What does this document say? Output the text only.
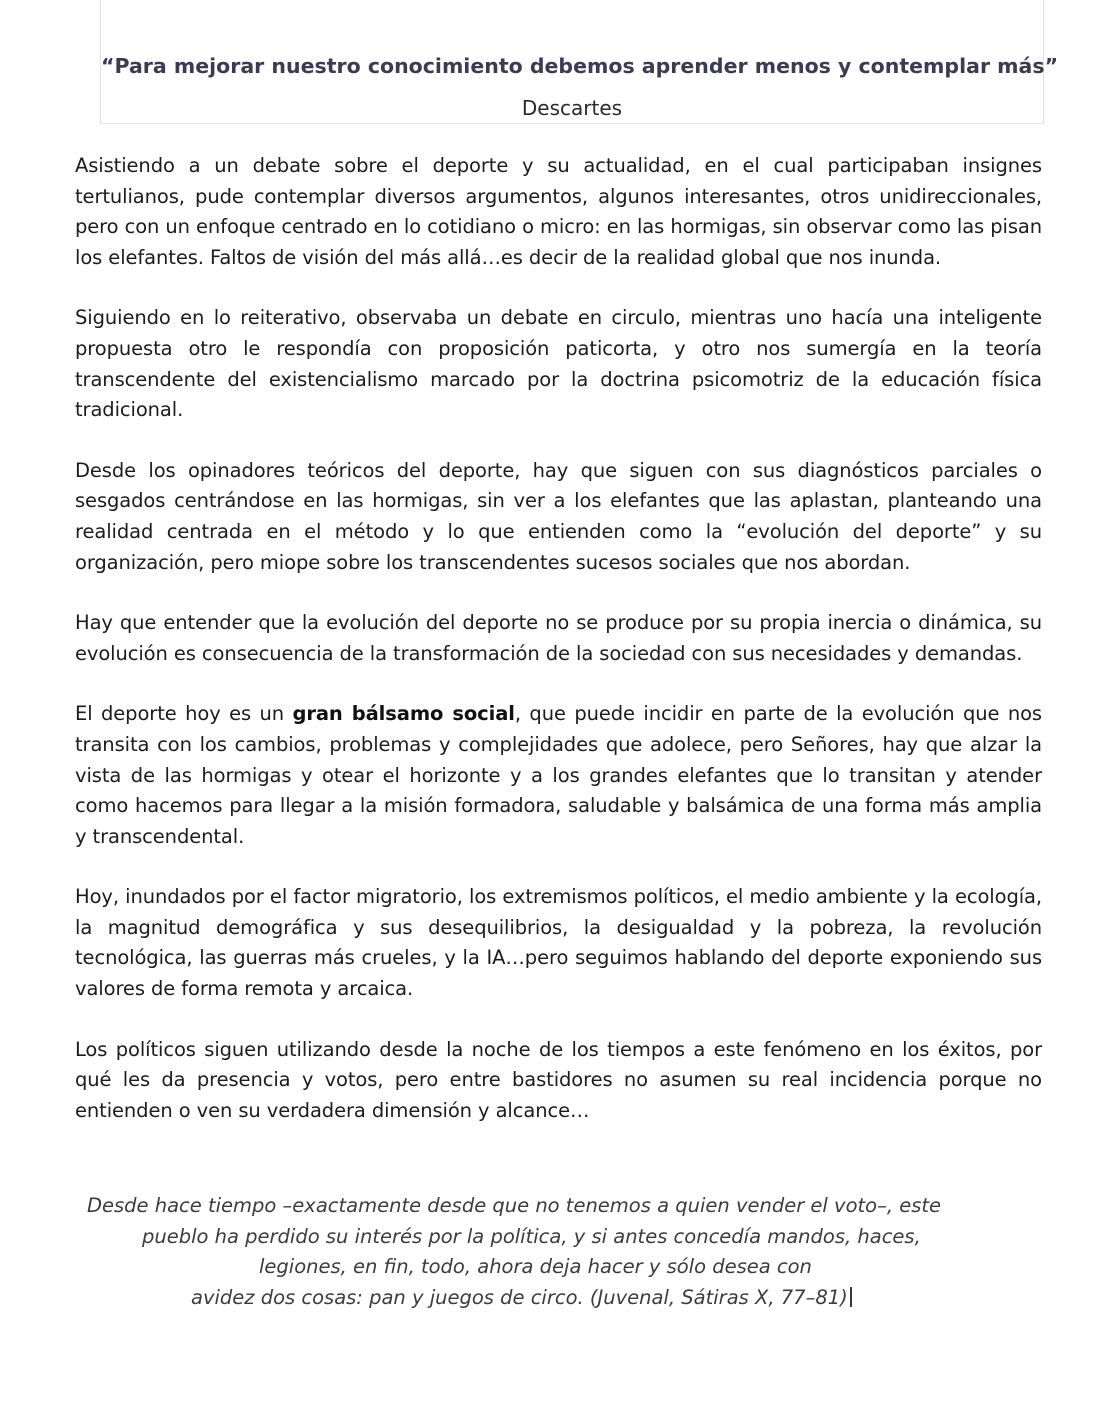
“Para mejorar nuestro conocimiento debemos aprender menos y contemplar más”
Descartes

Asistiendo a un debate sobre el deporte y su actualidad, en el cual participaban insignes tertulianos, pude contemplar diversos argumentos, algunos interesantes, otros unidireccionales, pero con un enfoque centrado en lo cotidiano o micro: en las hormigas, sin observar como las pisan los elefantes. Faltos de visión del más allá…es decir de la realidad global que nos inunda.

Siguiendo en lo reiterativo, observaba un debate en circulo, mientras uno hacía una inteligente propuesta otro le respondía con proposición paticorta, y otro nos sumergía en la teoría transcendente del existencialismo marcado por la doctrina psicomotriz de la educación física tradicional.

Desde los opinadores teóricos del deporte, hay que siguen con sus diagnósticos parciales o sesgados centrándose en las hormigas, sin ver a los elefantes que las aplastan, planteando una realidad centrada en el método y lo que entienden como la “evolución del deporte” y su organización, pero miope sobre los transcendentes sucesos sociales que nos abordan.

Hay que entender que la evolución del deporte no se produce por su propia inercia o dinámica, su evolución es consecuencia de la transformación de la sociedad con sus necesidades y demandas.

El deporte hoy es un gran bálsamo social, que puede incidir en parte de la evolución que nos transita con los cambios, problemas y complejidades que adolece, pero Señores, hay que alzar la vista de las hormigas y otear el horizonte y a los grandes elefantes que lo transitan y atender como hacemos para llegar a la misión formadora, saludable y balsámica de una forma más amplia y transcendental.

Hoy, inundados por el factor migratorio, los extremismos políticos, el medio ambiente y la ecología, la magnitud demográfica y sus desequilibrios, la desigualdad y la pobreza, la revolución tecnológica, las guerras más crueles, y la IA…pero seguimos hablando del deporte exponiendo sus valores de forma remota y arcaica.

Los políticos siguen utilizando desde la noche de los tiempos a este fenómeno en los éxitos, por qué les da presencia y votos, pero entre bastidores no asumen su real incidencia porque no entienden o ven su verdadera dimensión y alcance…

Desde hace tiempo –exactamente desde que no tenemos a quien vender el voto–, este
pueblo ha perdido su interés por la política, y si antes concedía mandos, haces,
legiones, en fin, todo, ahora deja hacer y sólo desea con
avidez dos cosas: pan y juegos de circo. (Juvenal, Sátiras X, 77–81)
